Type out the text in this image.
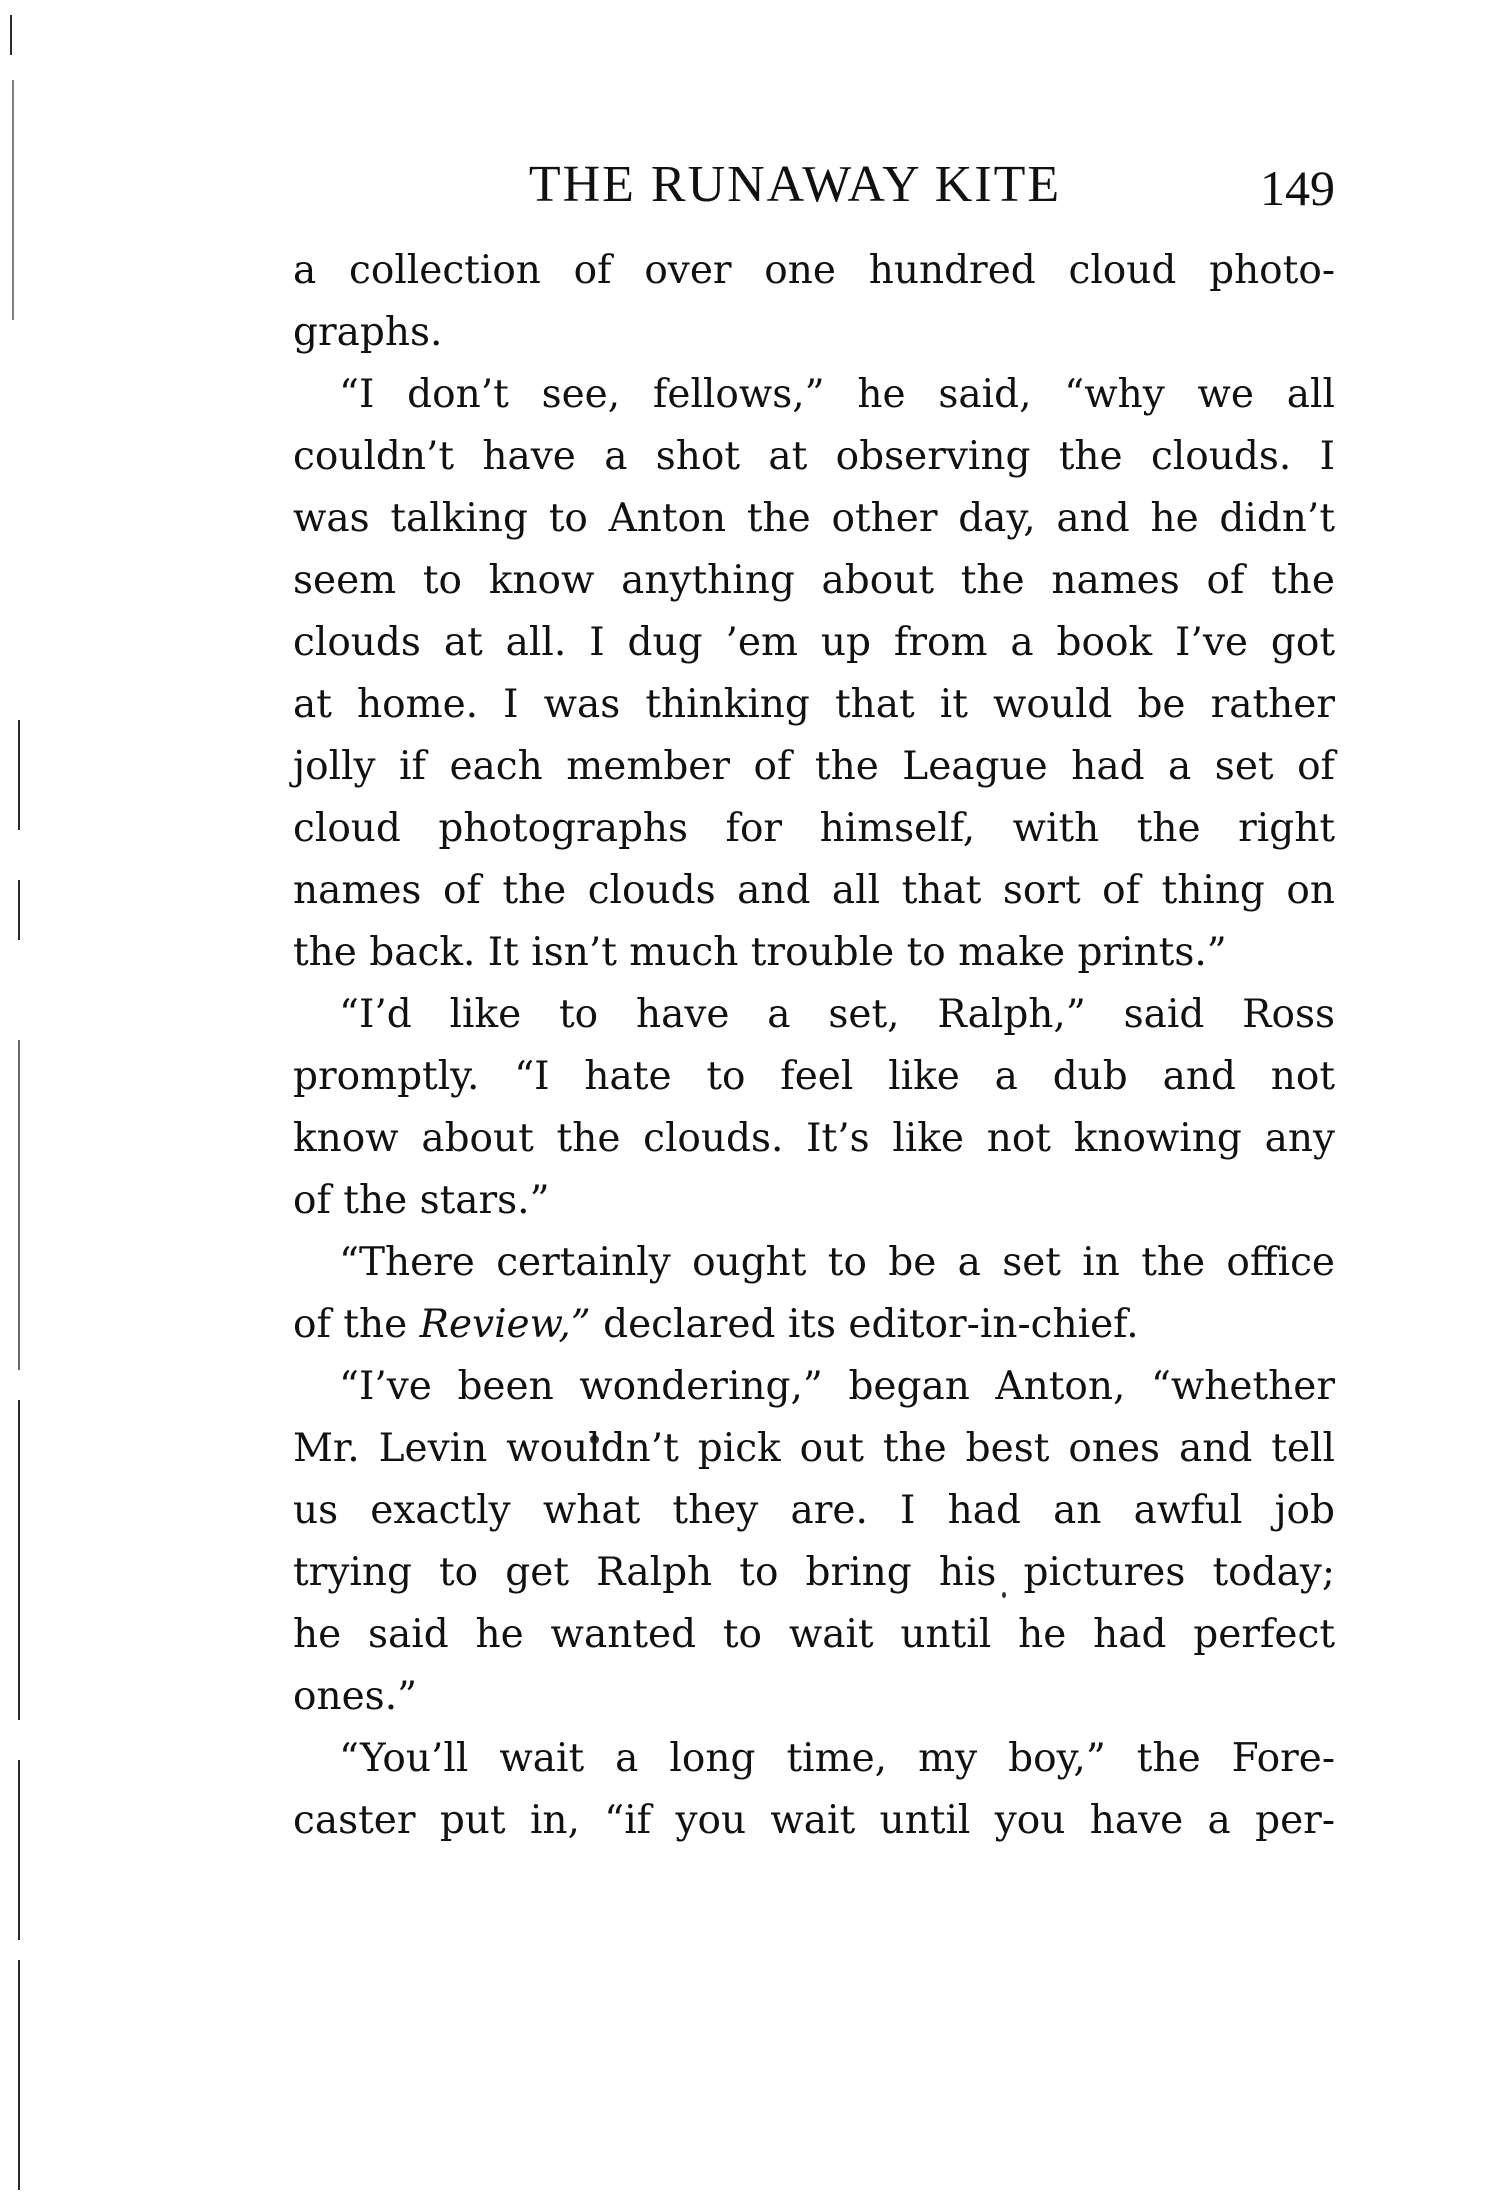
THE RUNAWAY KITE	149
a collection of over one hundred cloud photo-
graphs.
“I don’t see, fellows,” he said, “why we all
couldn’t have a shot at observing the clouds. I
was talking to Anton the other day, and he didn’t
seem to know anything about the names of the
clouds at all. I dug ’em up from a book I’ve got
at home. I was thinking that it would be rather
jolly if each member of the League had a set of
cloud photographs for himself, with the right
names of the clouds and all that sort of thing on
the back. It isn’t much trouble to make prints.”
“I’d like to have a set, Ralph,” said Ross
promptly. “I hate to feel like a dub and not
know about the clouds. It’s like not knowing any
of the stars.”
“There certainly ought to be a set in the office
of the Review,” declared its editor-in-chief.
“I’ve been wondering,” began Anton, “whether
Mr. Levin wouldn’t pick out the best ones and tell
us exactly what they are. I had an awful job
trying to get Ralph to bring his pictures today;
he said he wanted to wait until he had perfect
ones.”
“You’ll wait a long time, my boy,” the Fore-
caster put in, “if you wait until you have a per-
